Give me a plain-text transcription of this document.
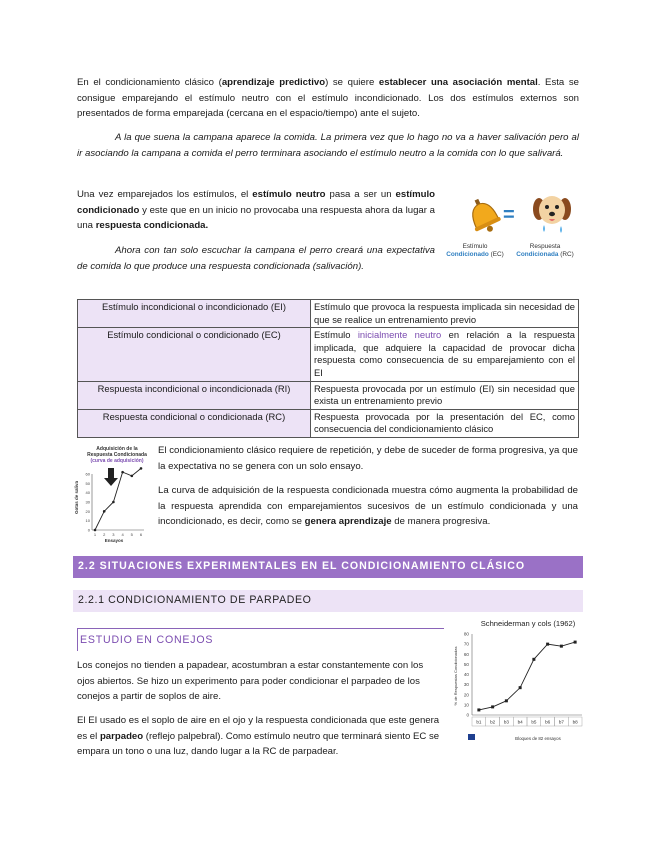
En el condicionamiento clásico (aprendizaje predictivo) se quiere establecer una asociación mental. Esta se consigue emparejando el estímulo neutro con el estímulo incondicionado. Los dos estímulos externos son presentados de forma emparejada (cercana en el espacio/tiempo) ante el sujeto.

A la que suena la campana aparece la comida. La primera vez que lo hago no va a haver salivación pero al ir asociando la campana a comida el perro terminara asociando el estímulo neutro a la comida con lo que salivará.

Una vez emparejados los estímulos, el estímulo neutro pasa a ser un estímulo condicionado y este que en un inicio no provocaba una respuesta ahora da lugar a una respuesta condicionada.

Ahora con tan solo escuchar la campana el perro creará una expectativa de comida lo que produce una respuesta condicionada (salivación).

=
Estímulo
Condicionado (EC)
Respuesta
Condicionada (RC)
Estímulo incondicional o incondicionado (EI)	Estímulo que provoca la respuesta implicada sin necesidad de que se realice un entrenamiento previo
Estímulo condicional o condicionado (EC)	Estímulo inicialmente neutro en relación a la respuesta implicada, que adquiere la capacidad de provocar dicha respuesta como consecuencia de su emparejamiento con el EI
Respuesta incondicional o incondicionada (RI)	Respuesta provocada por un estímulo (EI) sin necesidad que exista un entrenamiento previo
Respuesta condicional o condicionada (RC)	Respuesta provocada por la presentación del EC, como consecuencia del condicionamiento clásico
Adquisición de la
Respuesta Condicionada
(curva de adquisición)
Gotas de saliva
Ensayos
60
50
40
30
20
10
0
1 2 3 4 5 6

El condicionamiento clásico requiere de repetición, y debe de suceder de forma progresiva, ya que la expectativa no se genera con un solo ensayo.

La curva de adquisición de la respuesta condicionada muestra cómo augmenta la probabilidad de la respuesta aprendida con emparejamientos sucesivos de un estímulo condicionada y una incondicionado, es decir, como se genera aprendizaje de manera progresiva.

2.2 SITUACIONES EXPERIMENTALES EN EL CONDICIONAMIENTO CLÁSICO
2.2.1 CONDICIONAMIENTO DE PARPADEO
ESTUDIO EN CONEJOS

Los conejos no tienden a papadear, acostumbran a estar constantemente con los ojos abiertos. Se hizo un experimento para poder condicionar el parpadeo de los conejos a partir de soplos de aire.

El EI usado es el soplo de aire en el ojo y la respuesta condicionada que este genera es el parpadeo (reflejo palpebral). Como estímulo neutro que terminará siento EC se empara un tono o una luz, dando lugar a la RC de parpadear.

Schneiderman y cols (1962)
% de Respuestas Condicionadas
Bloques de 82 ensayos
80
70
60
50
40
30
20
10
0
b1 b2 b3 b4 b5 b6 b7 b8
